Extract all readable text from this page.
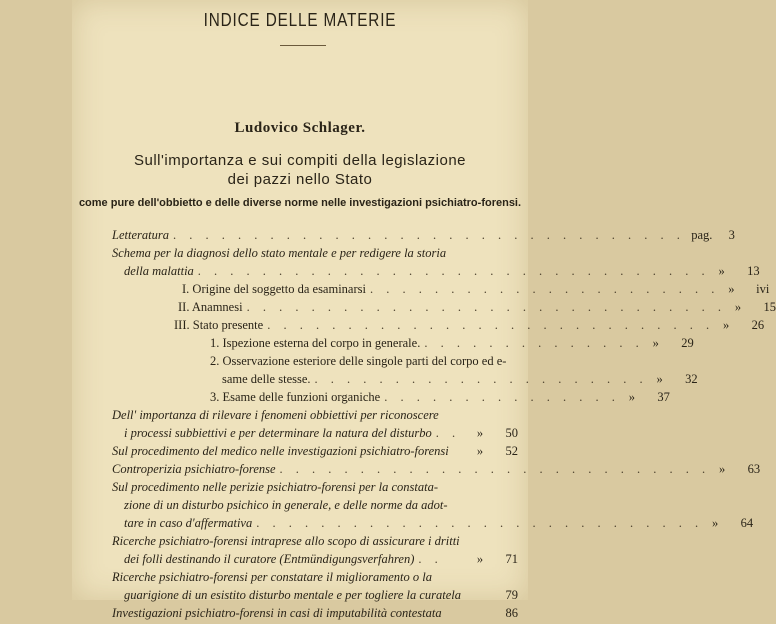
INDICE DELLE MATERIE
Ludovico Schlager.
Sull'importanza e sui compiti della legislazione
dei pazzi nello Stato
come pure dell'obbietto e delle diverse norme nelle investigazioni psichiatro-forensi.
Letteratura . . . . . . . . . . . . . . . . . . . . . . . . . . . . . . . . pag.	3
Schema per la diagnosi dello stato mentale e per redigere la storia
della malattia . . . . . . . . . . . . . . . . . . . . . . . . . . . . . . . . »	13
I. Origine del soggetto da esaminarsi . . . . . . . . . . . . . . . . . . . . . . »	ivi
II. Anamnesi . . . . . . . . . . . . . . . . . . . . . . . . . . . . . . »	15
III. Stato presente . . . . . . . . . . . . . . . . . . . . . . . . . . . . »	26
1. Ispezione esterna del corpo in generale. . . . . . . . . . . . . . . »	29
2. Osservazione esteriore delle singole parti del corpo ed e-
same delle stesse. . . . . . . . . . . . . . . . . . . . . . »	32
3. Esame delle funzioni organiche . . . . . . . . . . . . . . . »	37
Dell' importanza di rilevare i fenomeni obbiettivi per riconoscere
i processi subbiettivi e per determinare la natura del disturbo . .	»	50
Sul procedimento del medico nelle investigazioni psichiatro-forensi	»	52
Controperizia psichiatro-forense . . . . . . . . . . . . . . . . . . . . . . . . . . . »	63
Sul procedimento nelle perizie psichiatro-forensi per la constata-
zione di un disturbo psichico in generale, e delle norme da adot-
tare in caso d'affermativa . . . . . . . . . . . . . . . . . . . . . . . . . . . . »	64
Ricerche psichiatro-forensi intraprese allo scopo di assicurare i dritti
dei folli destinando il curatore (Entmündigungsverfahren) . .	»	71
Ricerche psichiatro-forensi per constatare il miglioramento o la
guarigione di un esistito disturbo mentale e per togliere la curatela	79
Investigazioni psichiatro-forensi in casi di imputabilità contestata	86
